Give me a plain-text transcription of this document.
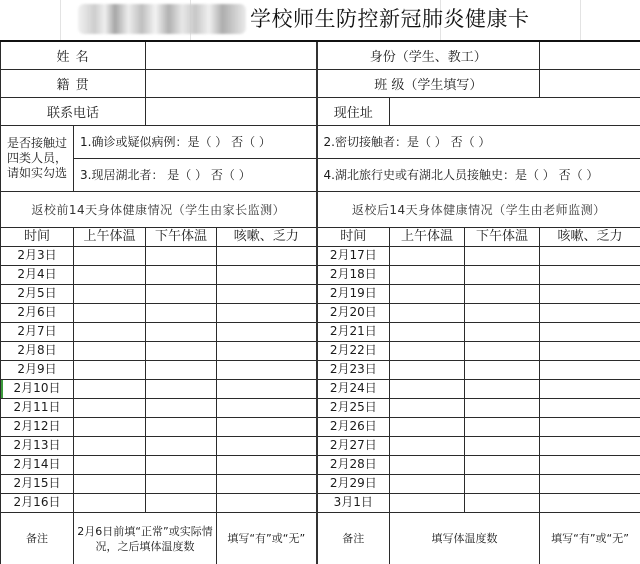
学校师生防控新冠肺炎健康卡
姓 名				身份（学生、教工）			
籍 贯				班 级（学生填写）			
联系电话				现住址			
是否接触过四类人员，请如实勾选	1.确诊或疑似病例：是（ ） 否（ ）			2.密切接触者：是（ ） 否（ ）			
	3.现居湖北者： 是（ ） 否（ ）			4.湖北旅行史或有湖北人员接触史：是（ ） 否（ ）			
返校前14天身体健康情况（学生由家长监测）				返校后14天身体健康情况（学生由老师监测）			
时间	上午体温	下午体温	咳嗽、乏力	时间	上午体温	下午体温	咳嗽、乏力
2月3日				2月17日			
2月4日				2月18日			
2月5日				2月19日			
2月6日				2月20日			
2月7日				2月21日			
2月8日				2月22日			
2月9日				2月23日			
2月10日				2月24日			
2月11日				2月25日			
2月12日				2月26日			
2月13日				2月27日			
2月14日				2月28日			
2月15日				2月29日			
2月16日				3月1日			
备注	2月6日前填“正常”或实际情况，之后填体温度数		填写“有”或“无”	备注	填写体温度数		填写“有”或“无”
